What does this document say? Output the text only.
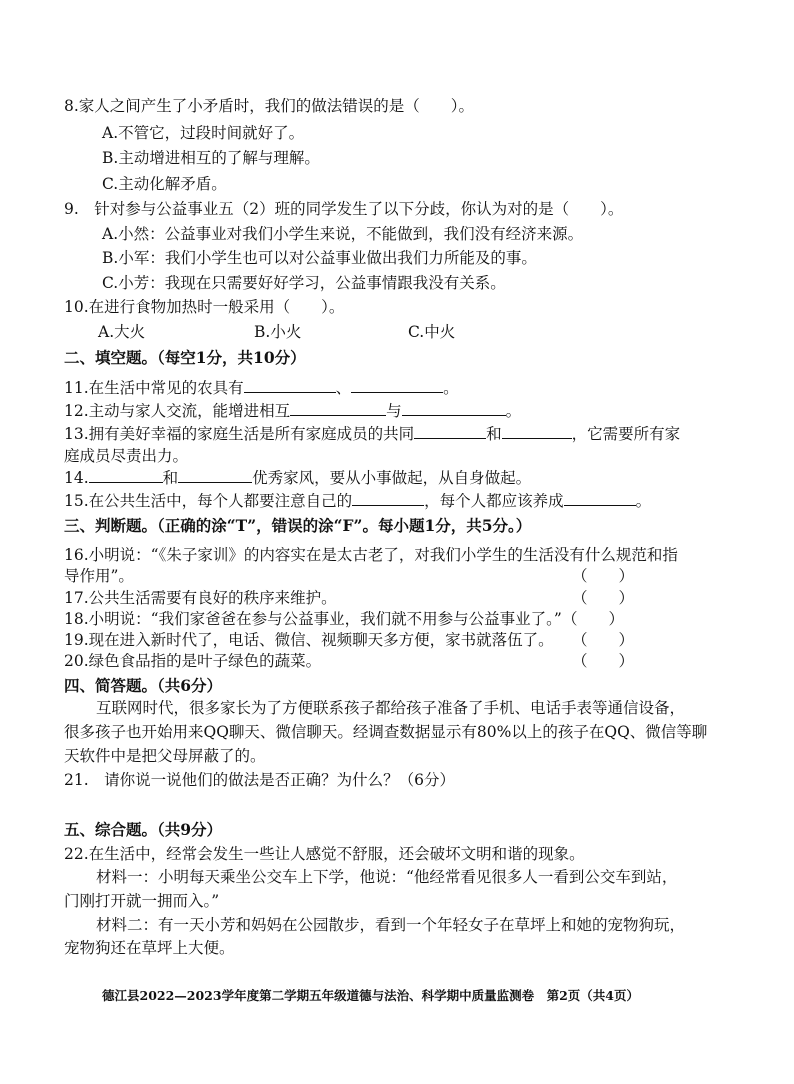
8.家人之间产生了小矛盾时，我们的做法错误的是（　　）。
A.不管它，过段时间就好了。
B.主动增进相互的了解与理解。
C.主动化解矛盾。
9.　针对参与公益事业五（2）班的同学发生了以下分歧，你认为对的是（　　）。
A.小然：公益事业对我们小学生来说，不能做到，我们没有经济来源。
B.小军：我们小学生也可以对公益事业做出我们力所能及的事。
C.小芳：我现在只需要好好学习，公益事情跟我没有关系。
10.在进行食物加热时一般采用（　　）。
A.大火	B.小火	C.中火
二、填空题。（每空1分，共10分）
11.在生活中常见的农具有	、	。
12.主动与家人交流，能增进相互	与	。
13.拥有美好幸福的家庭生活是所有家庭成员的共同	和	，它需要所有家
庭成员尽责出力。
14.	和	优秀家风，要从小事做起，从自身做起。
15.在公共生活中，每个人都要注意自己的	，每个人都应该养成	。
三、判断题。（正确的涂“T”，错误的涂“F”。每小题1分，共5分。）
16.小明说：“《朱子家训》的内容实在是太古老了，对我们小学生的生活没有什么规范和指
导作用”。	（　　）
17.公共生活需要有良好的秩序来维护。	（　　）
18.小明说：“我们家爸爸在参与公益事业，我们就不用参与公益事业了。” （　　）
19.现在进入新时代了，电话、微信、视频聊天多方便，家书就落伍了。 （　　）
20.绿色食品指的是叶子绿色的蔬菜。	（　　）
四、简答题。（共6分）
互联网时代，很多家长为了方便联系孩子都给孩子准备了手机、电话手表等通信设备，
很多孩子也开始用来QQ聊天、微信聊天。经调查数据显示有80%以上的孩子在QQ、微信等聊
天软件中是把父母屏蔽了的。
21.　请你说一说他们的做法是否正确？为什么？（6分）
五、综合题。（共9分）
22.在生活中，经常会发生一些让人感觉不舒服，还会破坏文明和谐的现象。
材料一：小明每天乘坐公交车上下学，他说：“他经常看见很多人一看到公交车到站，
门刚打开就一拥而入。”
材料二：有一天小芳和妈妈在公园散步，看到一个年轻女子在草坪上和她的宠物狗玩，
宠物狗还在草坪上大便。
德江县2022—2023学年度第二学期五年级道德与法治、科学期中质量监测卷　第2页（共4页）
